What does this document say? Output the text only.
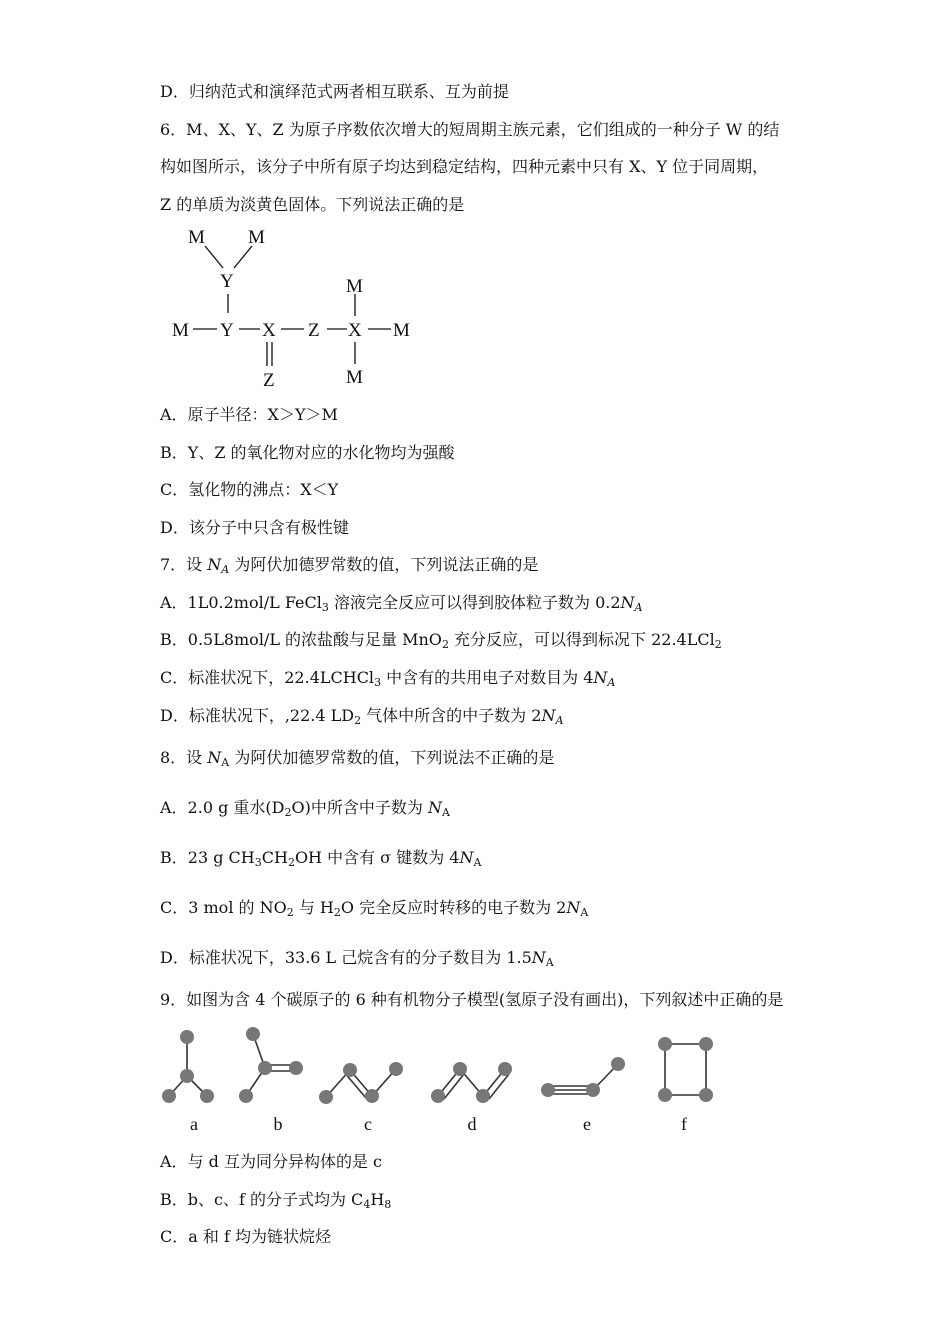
D．归纳范式和演绎范式两者相互联系、互为前提
6．M、X、Y、Z 为原子序数依次增大的短周期主族元素，它们组成的一种分子 W 的结
构如图所示，该分子中所有原子均达到稳定结构，四种元素中只有 X、Y 位于同周期，
Z 的单质为淡黄色固体。下列说法正确的是
M M
Y	M
M Y X Z X M
M
Z
A．原子半径：X＞Y＞M
B．Y、Z 的氧化物对应的水化物均为强酸
C．氢化物的沸点：X＜Y
D．该分子中只含有极性键
7．设 $N_A$ 为阿伏加德罗常数的值，下列说法正确的是
A．1L0.2mol/L FeCl$_3$ 溶液完全反应可以得到胶体粒子数为 $0.2N_A$
B．0.5L8mol/L 的浓盐酸与足量 MnO$_2$ 充分反应，可以得到标况下 22.4LCl$_2$
C．标准状况下，22.4LCHCl$_3$ 中含有的共用电子对数目为 $4N_A$
D．标准状况下，,22.4 $LD_2$ 气体中所含的中子数为 $2N_A$
8．设 $N_A$ 为阿伏加德罗常数的值，下列说法不正确的是
A．2.0 g 重水$(D_2O)$中所含中子数为 $N_A$
B．23 g $CH_3CH_2OH$ 中含有 σ 键数为 $4N_A$
C．3 mol 的 $NO_2$ 与 $H_2O$ 完全反应时转移的电子数为 $2N_A$
D．标准状况下，33.6 L 己烷含有的分子数目为 $1.5N_A$
9．如图为含 4 个碳原子的 6 种有机物分子模型(氢原子没有画出)，下列叙述中正确的是
a	b	c	d	e	f
A．与 d 互为同分异构体的是 c
B．b、c、f 的分子式均为 $C_4H_8$
C．a 和 f 均为链状烷烃
